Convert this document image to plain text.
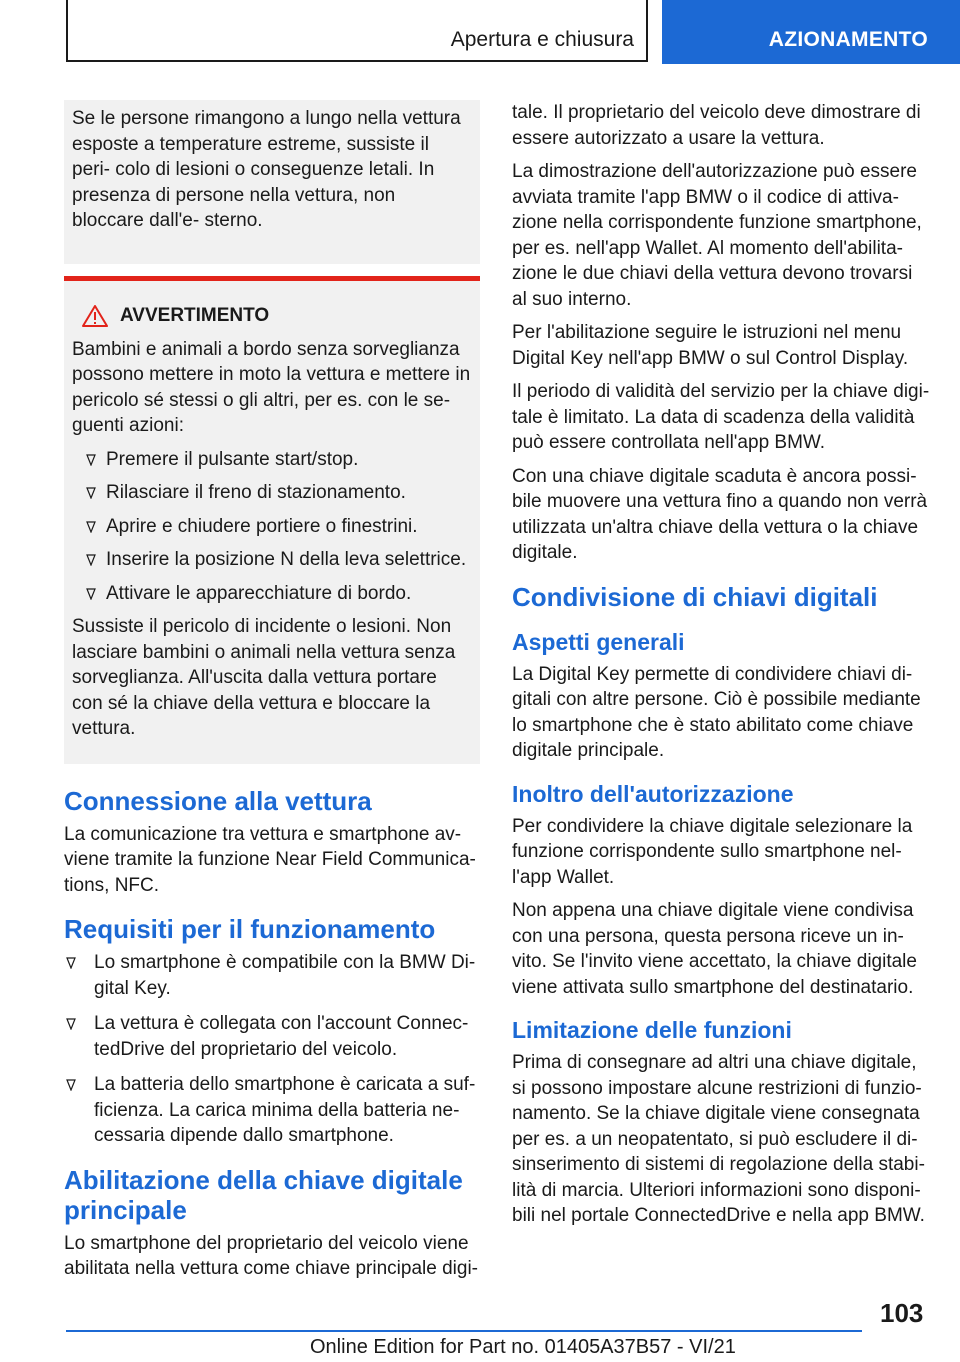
Apertura e chiusura	AZIONAMENTO

Se le persone rimangono a lungo nella vettura esposte a temperature estreme, sussiste il peri- colo di lesioni o conseguenze letali. In presenza di persone nella vettura, non bloccare dall'e- sterno.

AVVERTIMENTO

Bambini e animali a bordo senza sorveglianza possono mettere in moto la vettura e mettere in pericolo sé stessi o gli altri, per es. con le se- guenti azioni:

Premere il pulsante start/stop.
Rilasciare il freno di stazionamento.
Aprire e chiudere portiere o finestrini.
Inserire la posizione N della leva selettrice.
Attivare le apparecchiature di bordo.

Sussiste il pericolo di incidente o lesioni. Non lasciare bambini o animali nella vettura senza sorveglianza. All'uscita dalla vettura portare con sé la chiave della vettura e bloccare la vettura.

Connessione alla vettura

La comunicazione tra vettura e smartphone av- viene tramite la funzione Near Field Communica- tions, NFC.

Requisiti per il funzionamento
Lo smartphone è compatibile con la BMW Di- gital Key.
La vettura è collegata con l'account Connec- tedDrive del proprietario del veicolo.
La batteria dello smartphone è caricata a suf- ficienza. La carica minima della batteria ne- cessaria dipende dallo smartphone.
Abilitazione della chiave digitale principale

Lo smartphone del proprietario del veicolo viene abilitata nella vettura come chiave principale digi-

tale. Il proprietario del veicolo deve dimostrare di essere autorizzato a usare la vettura.

La dimostrazione dell'autorizzazione può essere avviata tramite l'app BMW o il codice di attiva- zione nella corrispondente funzione smartphone, per es. nell'app Wallet. Al momento dell'abilita- zione le due chiavi della vettura devono trovarsi al suo interno.

Per l'abilitazione seguire le istruzioni nel menu Digital Key nell'app BMW o sul Control Display.

Il periodo di validità del servizio per la chiave digi- tale è limitato. La data di scadenza della validità può essere controllata nell'app BMW.

Con una chiave digitale scaduta è ancora possi- bile muovere una vettura fino a quando non verrà utilizzata un'altra chiave della vettura o la chiave digitale.

Condivisione di chiavi digitali
Aspetti generali

La Digital Key permette di condividere chiavi di- gitali con altre persone. Ciò è possibile mediante lo smartphone che è stato abilitato come chiave digitale principale.

Inoltro dell'autorizzazione

Per condividere la chiave digitale selezionare la funzione corrispondente sullo smartphone nel- l'app Wallet.

Non appena una chiave digitale viene condivisa con una persona, questa persona riceve un in- vito. Se l'invito viene accettato, la chiave digitale viene attivata sullo smartphone del destinatario.

Limitazione delle funzioni

Prima di consegnare ad altri una chiave digitale, si possono impostare alcune restrizioni di funzio- namento. Se la chiave digitale viene consegnata per es. a un neopatentato, si può escludere il di- sinserimento di sistemi di regolazione della stabi- lità di marcia. Ulteriori informazioni sono disponi- bili nel portale ConnectedDrive e nella app BMW.

103
Online Edition for Part no. 01405A37B57 - VI/21
